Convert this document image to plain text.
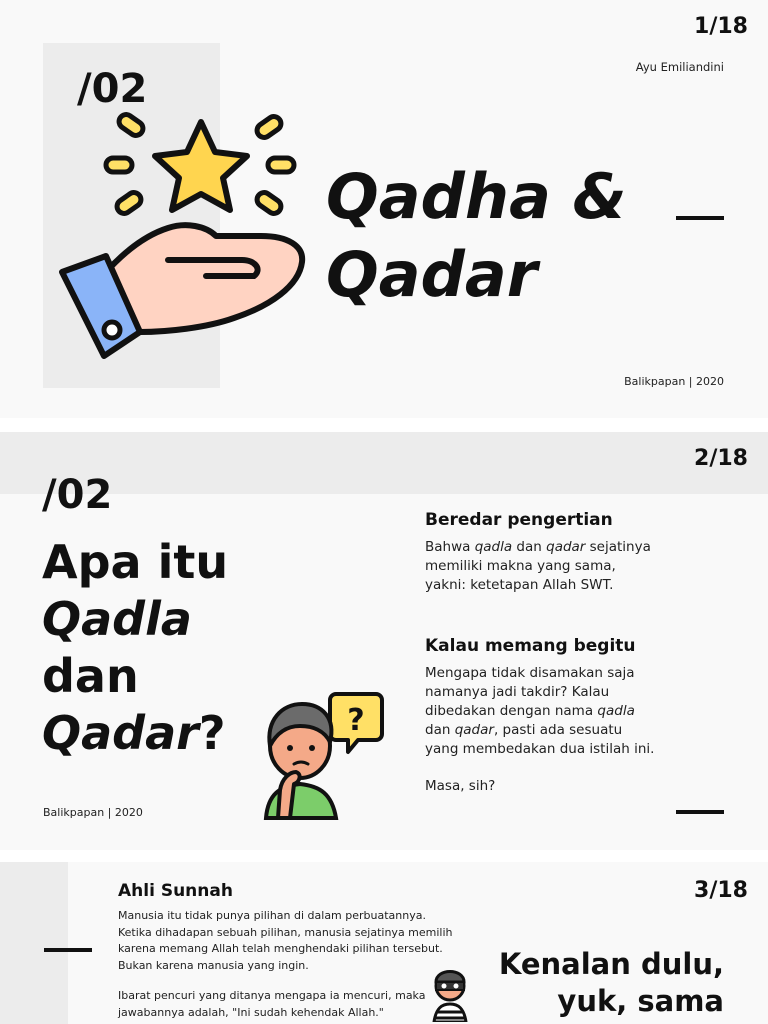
1/18
Ayu Emiliandini
/02
Qadha &
Qadar
Balikpapan | 2020
2/18
/02
Apa itu
Qadla
dan
Qadar?
Balikpapan | 2020
Beredar pengertian
Bahwa qadla dan qadar sejatinya memiliki makna yang sama, yakni: ketetapan Allah SWT.
Kalau memang begitu
Mengapa tidak disamakan saja namanya jadi takdir? Kalau dibedakan dengan nama qadla dan qadar, pasti ada sesuatu yang membedakan dua istilah ini.
Masa, sih?
?
3/18
Ahli Sunnah
Manusia itu tidak punya pilihan di dalam perbuatannya. Ketika dihadapan sebuah pilihan, manusia sejatinya memilih karena memang Allah telah menghendaki pilihan tersebut. Bukan karena manusia yang ingin.
Ibarat pencuri yang ditanya mengapa ia mencuri, maka jawabannya adalah, "Ini sudah kehendak Allah."
Kenalan dulu,
yuk, sama
